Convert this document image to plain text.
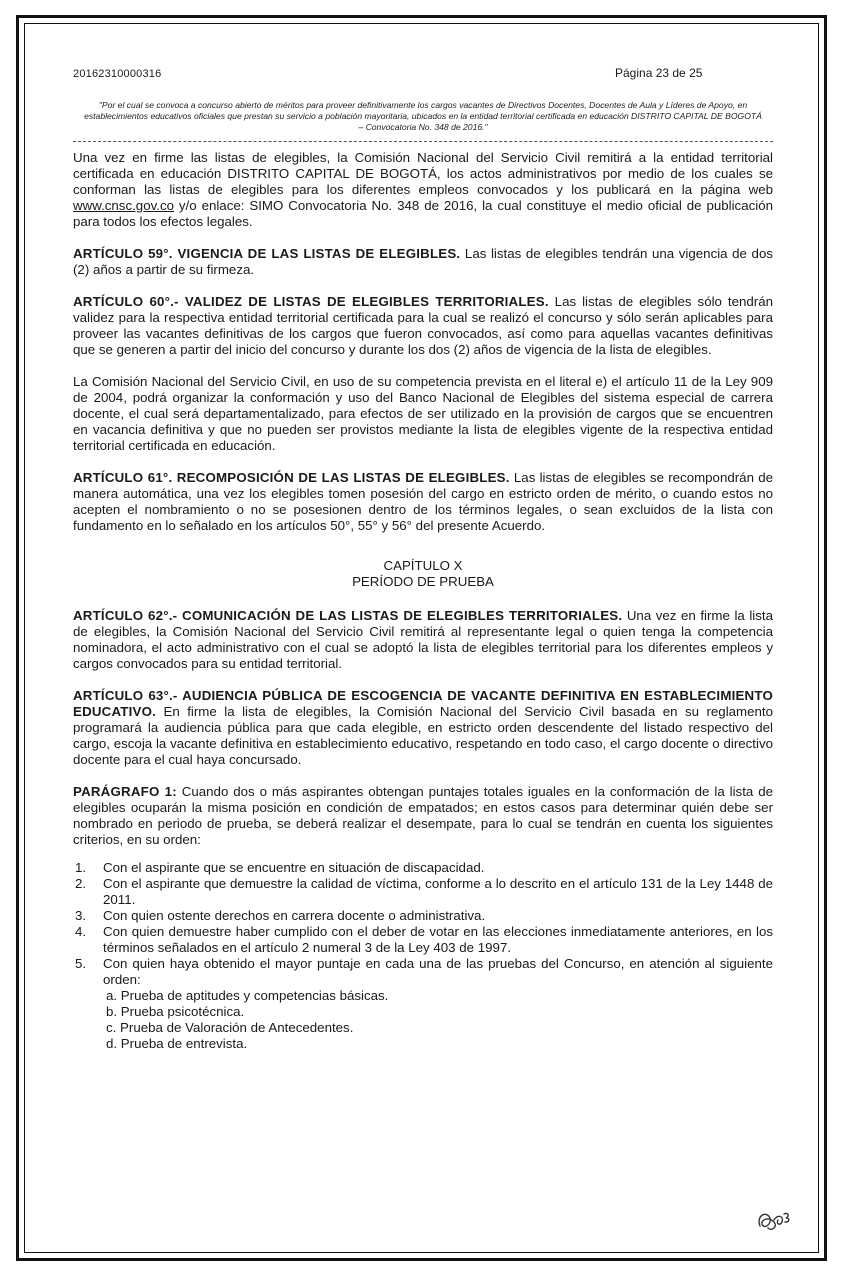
20162310000316	Página 23 de 25
"Por el cual se convoca a concurso abierto de méritos para proveer definitivamente los cargos vacantes de Directivos Docentes, Docentes de Aula y Líderes de Apoyo, en establecimientos educativos oficiales que prestan su servicio a población mayoritaria, ubicados en la entidad territorial certificada en educación DISTRITO CAPITAL DE BOGOTÁ – Convocatoria No. 348 de 2016."

Una vez en firme las listas de elegibles, la Comisión Nacional del Servicio Civil remitirá a la entidad territorial certificada en educación DISTRITO CAPITAL DE BOGOTÁ, los actos administrativos por medio de los cuales se conforman las listas de elegibles para los diferentes empleos convocados y los publicará en la página web www.cnsc.gov.co y/o enlace: SIMO Convocatoria No. 348 de 2016, la cual constituye el medio oficial de publicación para todos los efectos legales.

ARTÍCULO 59°. VIGENCIA DE LAS LISTAS DE ELEGIBLES. Las listas de elegibles tendrán una vigencia de dos (2) años a partir de su firmeza.

ARTÍCULO 60°.- VALIDEZ DE LISTAS DE ELEGIBLES TERRITORIALES. Las listas de elegibles sólo tendrán validez para la respectiva entidad territorial certificada para la cual se realizó el concurso y sólo serán aplicables para proveer las vacantes definitivas de los cargos que fueron convocados, así como para aquellas vacantes definitivas que se generen a partir del inicio del concurso y durante los dos (2) años de vigencia de la lista de elegibles.

La Comisión Nacional del Servicio Civil, en uso de su competencia prevista en el literal e) el artículo 11 de la Ley 909 de 2004, podrá organizar la conformación y uso del Banco Nacional de Elegibles del sistema especial de carrera docente, el cual será departamentalizado, para efectos de ser utilizado en la provisión de cargos que se encuentren en vacancia definitiva y que no pueden ser provistos mediante la lista de elegibles vigente de la respectiva entidad territorial certificada en educación.

ARTÍCULO 61°. RECOMPOSICIÓN DE LAS LISTAS DE ELEGIBLES. Las listas de elegibles se recompondrán de manera automática, una vez los elegibles tomen posesión del cargo en estricto orden de mérito, o cuando estos no acepten el nombramiento o no se posesionen dentro de los términos legales, o sean excluidos de la lista con fundamento en lo señalado en los artículos 50°, 55° y 56° del presente Acuerdo.

CAPÍTULO X
PERÍODO DE PRUEBA

ARTÍCULO 62°.- COMUNICACIÓN DE LAS LISTAS DE ELEGIBLES TERRITORIALES. Una vez en firme la lista de elegibles, la Comisión Nacional del Servicio Civil remitirá al representante legal o quien tenga la competencia nominadora, el acto administrativo con el cual se adoptó la lista de elegibles territorial para los diferentes empleos y cargos convocados para su entidad territorial.

ARTÍCULO 63°.- AUDIENCIA PÚBLICA DE ESCOGENCIA DE VACANTE DEFINITIVA EN ESTABLECIMIENTO EDUCATIVO. En firme la lista de elegibles, la Comisión Nacional del Servicio Civil basada en su reglamento programará la audiencia pública para que cada elegible, en estricto orden descendente del listado respectivo del cargo, escoja la vacante definitiva en establecimiento educativo, respetando en todo caso, el cargo docente o directivo docente para el cual haya concursado.

PARÁGRAFO 1: Cuando dos o más aspirantes obtengan puntajes totales iguales en la conformación de la lista de elegibles ocuparán la misma posición en condición de empatados; en estos casos para determinar quién debe ser nombrado en periodo de prueba, se deberá realizar el desempate, para lo cual se tendrán en cuenta los siguientes criterios, en su orden:

1. Con el aspirante que se encuentre en situación de discapacidad.
2. Con el aspirante que demuestre la calidad de víctima, conforme a lo descrito en el artículo 131 de la Ley 1448 de 2011.
3. Con quien ostente derechos en carrera docente o administrativa.
4. Con quien demuestre haber cumplido con el deber de votar en las elecciones inmediatamente anteriores, en los términos señalados en el artículo 2 numeral 3 de la Ley 403 de 1997.
5. Con quien haya obtenido el mayor puntaje en cada una de las pruebas del Concurso, en atención al siguiente orden:
a. Prueba de aptitudes y competencias básicas.
b. Prueba psicotécnica.
c. Prueba de Valoración de Antecedentes.
d. Prueba de entrevista.
